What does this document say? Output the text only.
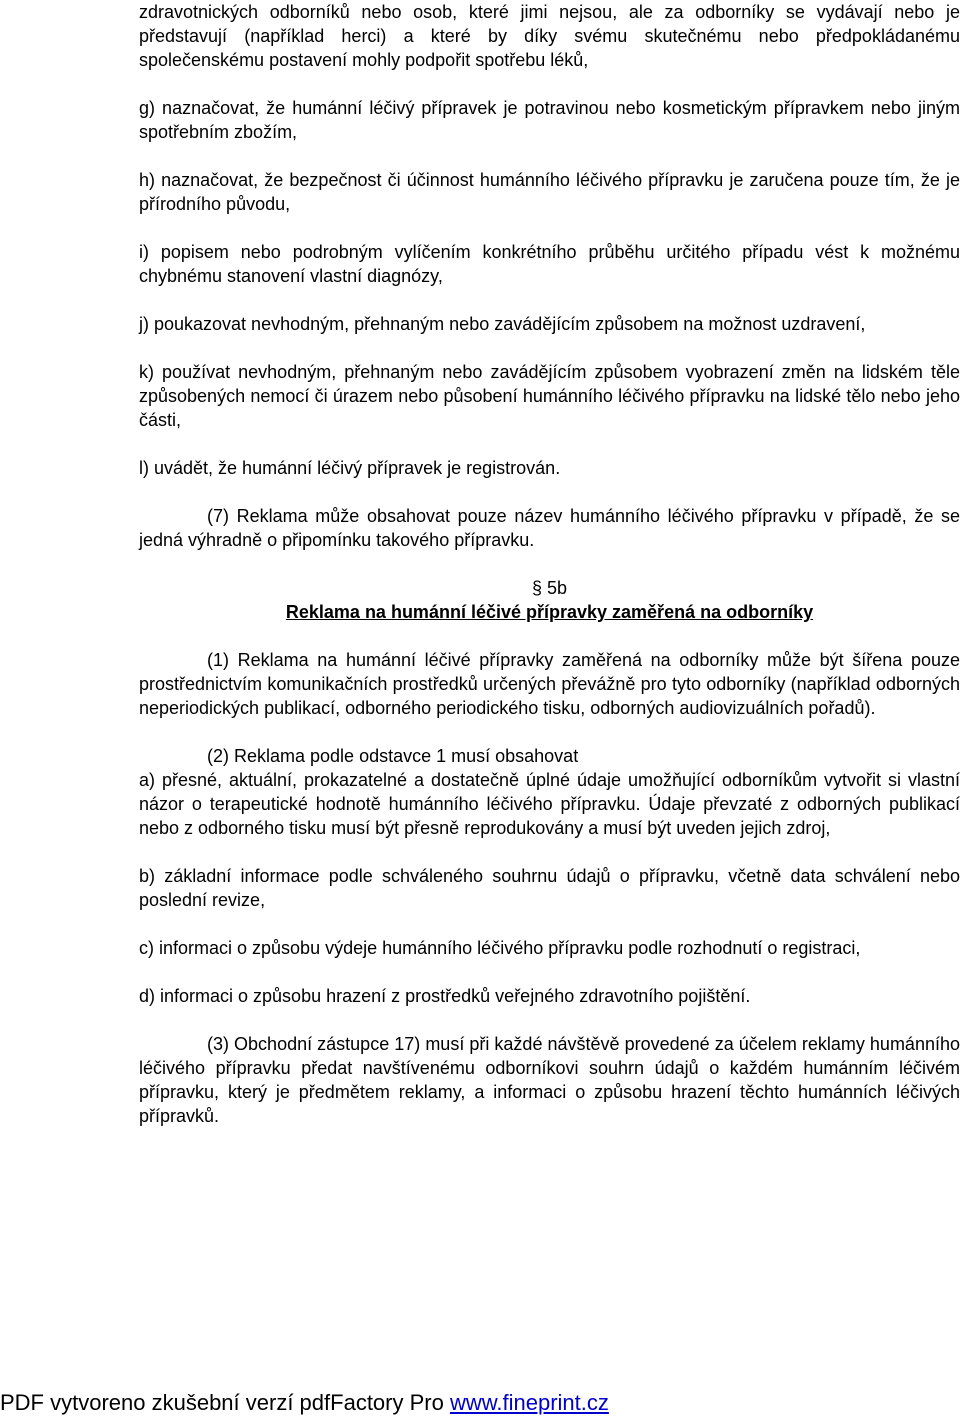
zdravotnických odborníků nebo osob, které jimi nejsou, ale za odborníky se vydávají nebo je představují (například herci) a které by díky svému skutečnému nebo předpokládanému společenskému postavení mohly podpořit spotřebu léků,

g) naznačovat, že humánní léčivý přípravek je potravinou nebo kosmetickým přípravkem nebo jiným spotřebním zbožím,

h) naznačovat, že bezpečnost či účinnost humánního léčivého přípravku je zaručena pouze tím, že je přírodního původu,

i) popisem nebo podrobným vylíčením konkrétního průběhu určitého případu vést k možnému chybnému stanovení vlastní diagnózy,

j) poukazovat nevhodným, přehnaným nebo zavádějícím způsobem na možnost uzdravení,

k) používat nevhodným, přehnaným nebo zavádějícím způsobem vyobrazení změn na lidském těle způsobených nemocí či úrazem nebo působení humánního léčivého přípravku na lidské tělo nebo jeho části,

l) uvádět, že humánní léčivý přípravek je registrován.

(7) Reklama může obsahovat pouze název humánního léčivého přípravku v případě, že se jedná výhradně o připomínku takového přípravku.

§ 5b

Reklama na humánní léčivé přípravky zaměřená na odborníky

(1) Reklama na humánní léčivé přípravky zaměřená na odborníky může být šířena pouze prostřednictvím komunikačních prostředků určených převážně pro tyto odborníky (například odborných neperiodických publikací, odborného periodického tisku, odborných audiovizuálních pořadů).

(2) Reklama podle odstavce 1 musí obsahovat

a) přesné, aktuální, prokazatelné a dostatečně úplné údaje umožňující odborníkům vytvořit si vlastní názor o terapeutické hodnotě humánního léčivého přípravku. Údaje převzaté z odborných publikací nebo z odborného tisku musí být přesně reprodukovány a musí být uveden jejich zdroj,

b) základní informace podle schváleného souhrnu údajů o přípravku, včetně data schválení nebo poslední revize,

c) informaci o způsobu výdeje humánního léčivého přípravku podle rozhodnutí o registraci,

d) informaci o způsobu hrazení z prostředků veřejného zdravotního pojištění.

(3) Obchodní zástupce 17) musí při každé návštěvě provedené za účelem reklamy humánního léčivého přípravku předat navštívenému odborníkovi souhrn údajů o každém humánním léčivém přípravku, který je předmětem reklamy, a informaci o způsobu hrazení těchto humánních léčivých přípravků.

PDF vytvoreno zkušební verzí pdfFactory Pro www.fineprint.cz
